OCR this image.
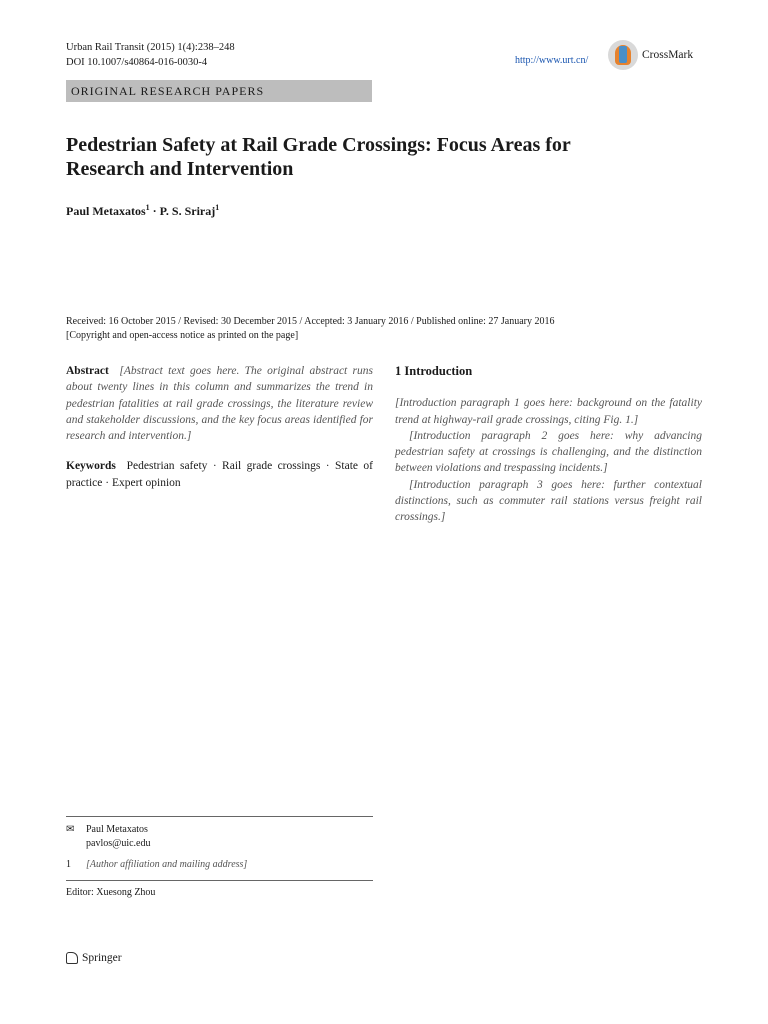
Urban Rail Transit (2015) 1(4):238–248
DOI 10.1007/s40864-016-0030-4	http://www.urt.cn/	CrossMark
ORIGINAL RESEARCH PAPERS
Pedestrian Safety at Rail Grade Crossings: Focus Areas for Research and Intervention
Paul Metaxatos$^1$ · P. S. Sriraj$^1$
Received: 16 October 2015 / Revised: 30 December 2015 / Accepted: 3 January 2016 / Published online: 27 January 2016
[Copyright and open-access notice as printed on the page]

Abstract [Abstract text goes here. The original abstract runs about twenty lines in this column and summarizes the trend in pedestrian fatalities at rail grade crossings, the literature review and stakeholder discussions, and the key focus areas identified for research and intervention.]

Keywords Pedestrian safety · Rail grade crossings · State of practice · Expert opinion

1 Introduction

[Introduction paragraph 1 goes here: background on the fatality trend at highway-rail grade crossings, citing Fig. 1.]

[Introduction paragraph 2 goes here: why advancing pedestrian safety at crossings is challenging, and the distinction between violations and trespassing incidents.]

[Introduction paragraph 3 goes here: further contextual distinctions, such as commuter rail stations versus freight rail crossings.]

✉	Paul Metaxatos
pavlos@uic.edu
1	[Author affiliation and mailing address]
Editor: Xuesong Zhou
Springer
